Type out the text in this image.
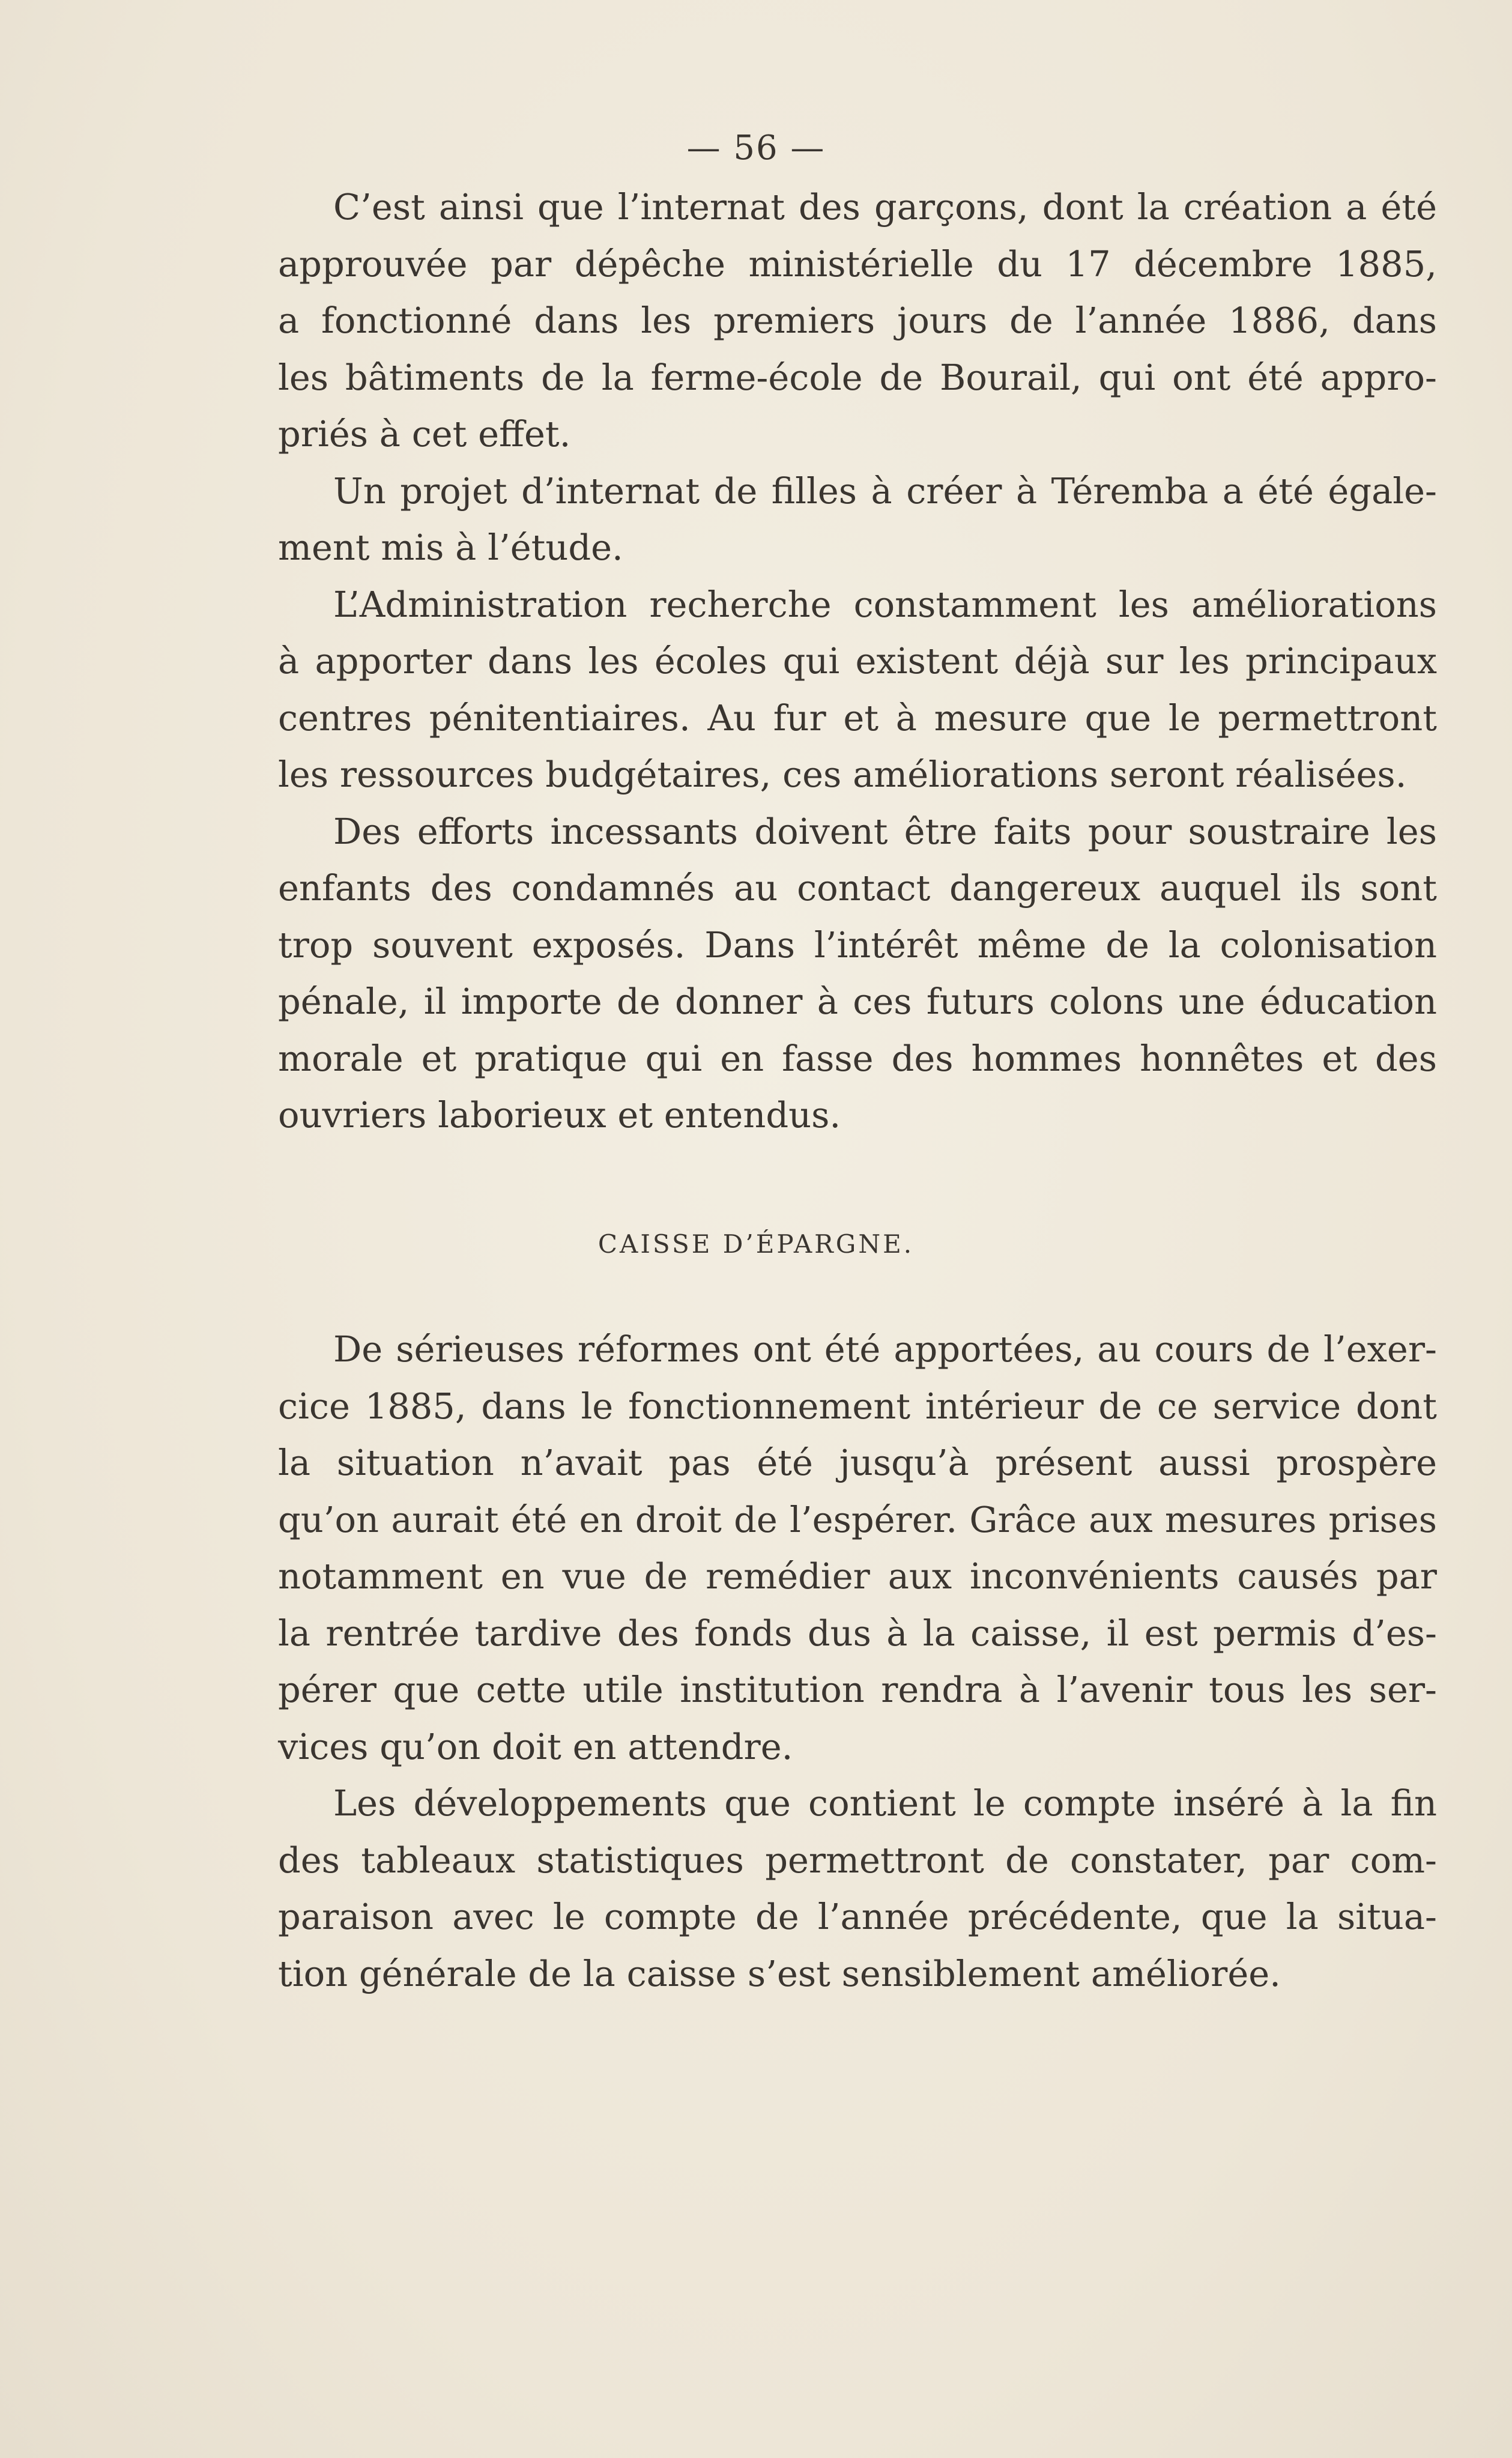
— 56 —

C’est ainsi que l’internat des garçons, dont la création a été
approuvée par dépêche ministérielle du 17 décembre 1885,
a fonctionné dans les premiers jours de l’année 1886, dans
les bâtiments de la ferme-école de Bourail, qui ont été appro-
priés à cet effet.

Un projet d’internat de filles à créer à Téremba a été égale-
ment mis à l’étude.

L’Administration recherche constamment les améliorations
à apporter dans les écoles qui existent déjà sur les principaux
centres pénitentiaires. Au fur et à mesure que le permettront
les ressources budgétaires, ces améliorations seront réalisées.

Des efforts incessants doivent être faits pour soustraire les
enfants des condamnés au contact dangereux auquel ils sont
trop souvent exposés. Dans l’intérêt même de la colonisation
pénale, il importe de donner à ces futurs colons une éducation
morale et pratique qui en fasse des hommes honnêtes et des
ouvriers laborieux et entendus.

CAISSE D’ÉPARGNE.

De sérieuses réformes ont été apportées, au cours de l’exer-
cice 1885, dans le fonctionnement intérieur de ce service dont
la situation n’avait pas été jusqu’à présent aussi prospère
qu’on aurait été en droit de l’espérer. Grâce aux mesures prises
notamment en vue de remédier aux inconvénients causés par
la rentrée tardive des fonds dus à la caisse, il est permis d’es-
pérer que cette utile institution rendra à l’avenir tous les ser-
vices qu’on doit en attendre.

Les développements que contient le compte inséré à la fin
des tableaux statistiques permettront de constater, par com-
paraison avec le compte de l’année précédente, que la situa-
tion générale de la caisse s’est sensiblement améliorée.
